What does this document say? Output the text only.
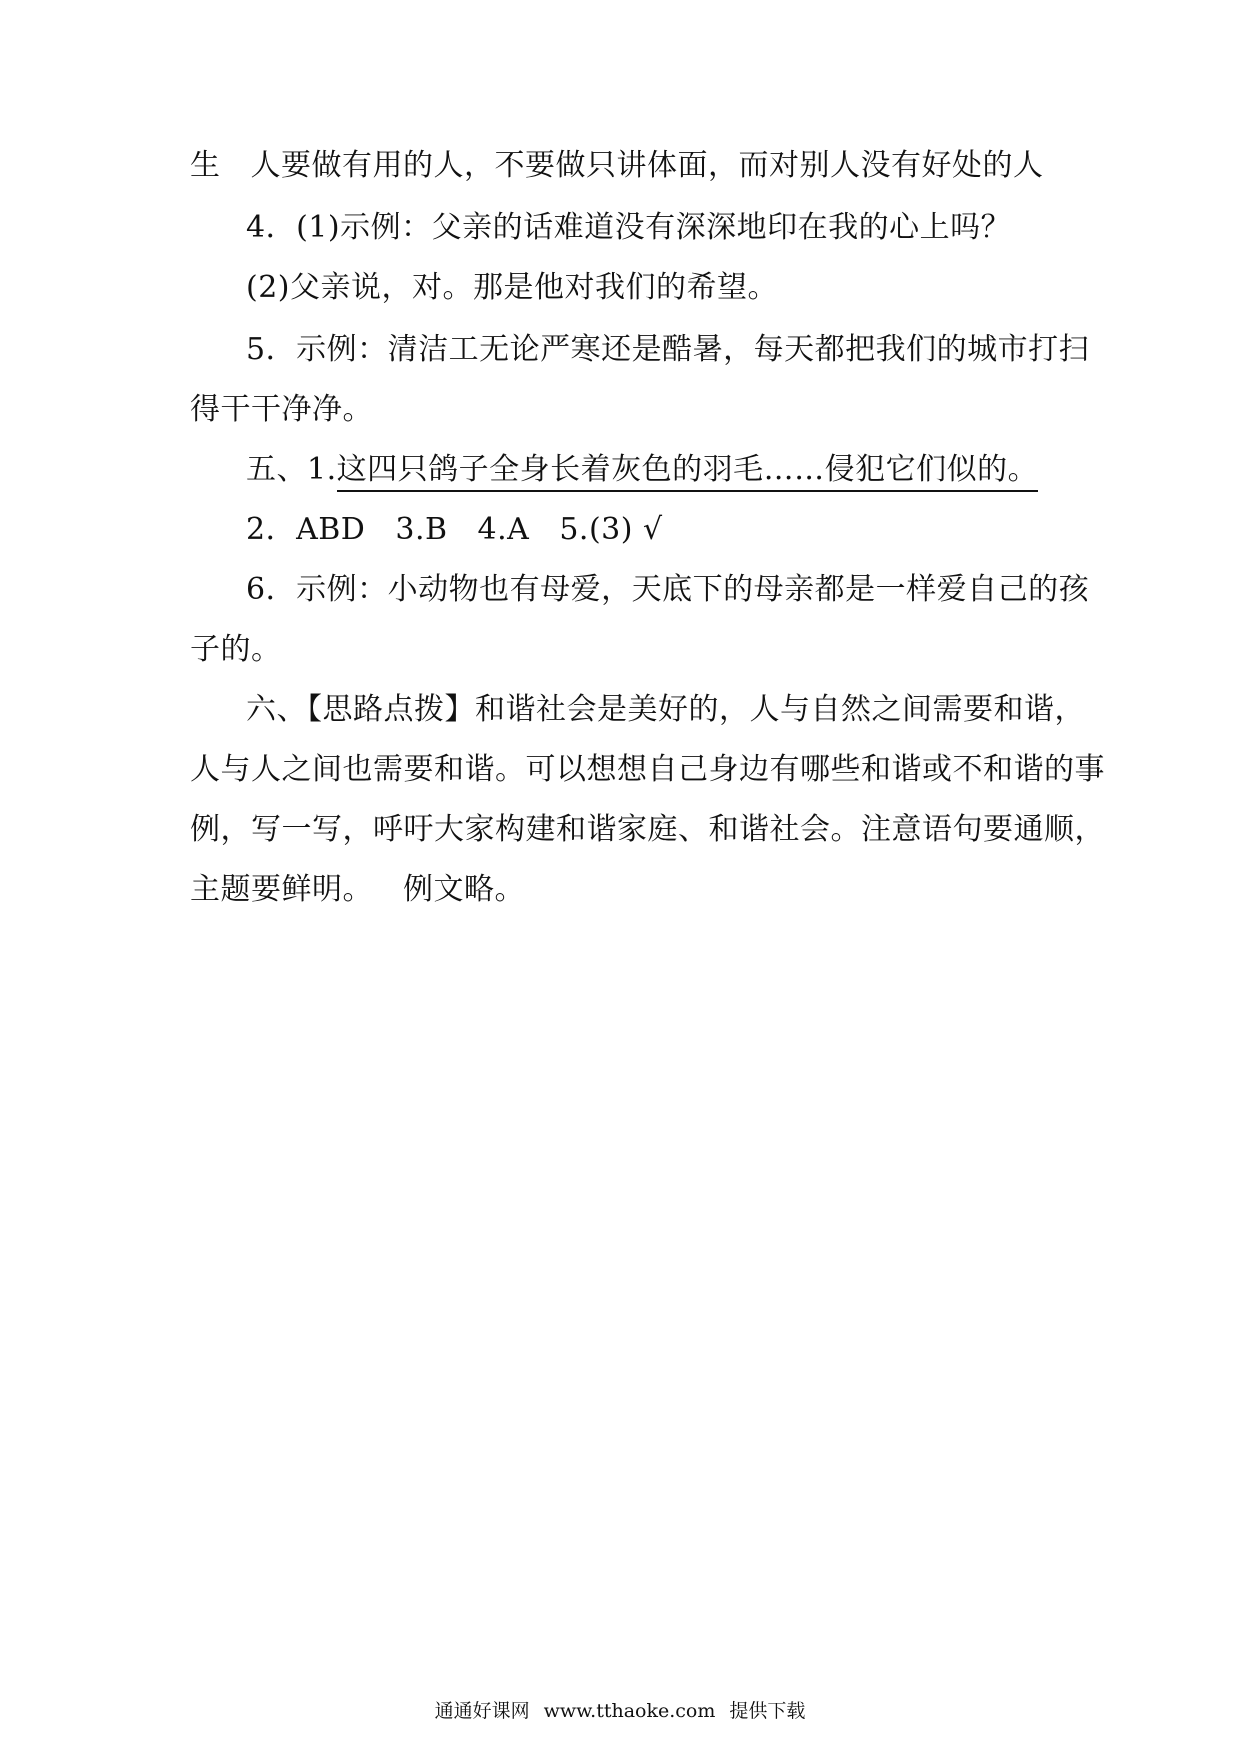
生 人要做有用的人，不要做只讲体面，而对别人没有好处的人
4．(1)示例：父亲的话难道没有深深地印在我的心上吗？
(2)父亲说，对。那是他对我们的希望。
5．示例：清洁工无论严寒还是酷暑，每天都把我们的城市打扫
得干干净净。
五、1.这四只鸽子全身长着灰色的羽毛……侵犯它们似的。
2．ABD 3.B 4.A 5.(3) √
6．示例：小动物也有母爱，天底下的母亲都是一样爱自己的孩
子的。
六、【思路点拨】和谐社会是美好的，人与自然之间需要和谐，
人与人之间也需要和谐。可以想想自己身边有哪些和谐或不和谐的事
例，写一写，呼吁大家构建和谐家庭、和谐社会。注意语句要通顺，
主题要鲜明。 例文略。
通通好课网 www.tthaoke.com 提供下载
